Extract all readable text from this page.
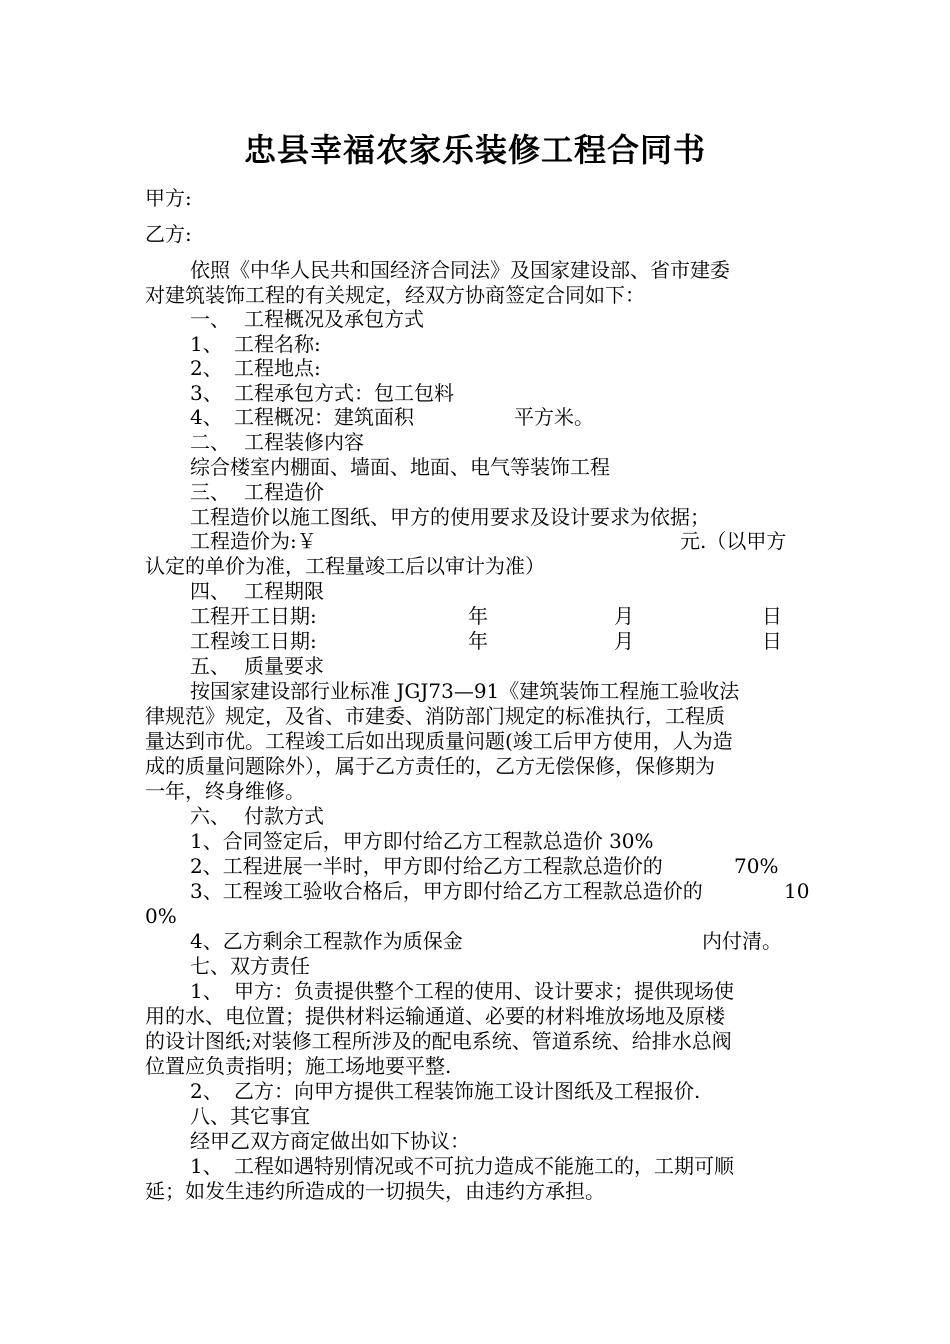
忠县幸福农家乐装修工程合同书
甲方:
乙方:
依照《中华人民共和国经济合同法》及国家建设部、省市建委
对建筑装饰工程的有关规定，经双方协商签定合同如下：
一、 工程概况及承包方式
1、 工程名称:
2、 工程地点:
3、 工程承包方式：包工包料
4、 工程概况：建筑面积	平方米。
二、 工程装修内容
综合楼室内棚面、墙面、地面、电气等装饰工程
三、 工程造价
工程造价以施工图纸、甲方的使用要求及设计要求为依据；
工程造价为:￥	元.（以甲方
认定的单价为准，工程量竣工后以审计为准）
四、 工程期限
工程开工日期:	年	月	日
工程竣工日期:	年	月	日
五、 质量要求
按国家建设部行业标准 JGJ73—91《建筑装饰工程施工验收法
律规范》规定，及省、市建委、消防部门规定的标准执行，工程质
量达到市优。工程竣工后如出现质量问题(竣工后甲方使用，人为造
成的质量问题除外），属于乙方责任的，乙方无偿保修，保修期为
一年，终身维修。
六、 付款方式
1、合同签定后，甲方即付给乙方工程款总造价 30%
2、工程进展一半时，甲方即付给乙方工程款总造价的	70%
3、工程竣工验收合格后，甲方即付给乙方工程款总造价的	10
0%
4、乙方剩余工程款作为质保金	内付清。
七、双方责任
1、 甲方：负责提供整个工程的使用、设计要求；提供现场使
用的水、电位置；提供材料运输通道、必要的材料堆放场地及原楼
的设计图纸;对装修工程所涉及的配电系统、管道系统、给排水总阀
位置应负责指明；施工场地要平整.
2、 乙方：向甲方提供工程装饰施工设计图纸及工程报价.
八、其它事宜
经甲乙双方商定做出如下协议：
1、 工程如遇特别情况或不可抗力造成不能施工的，工期可顺
延；如发生违约所造成的一切损失，由违约方承担。
